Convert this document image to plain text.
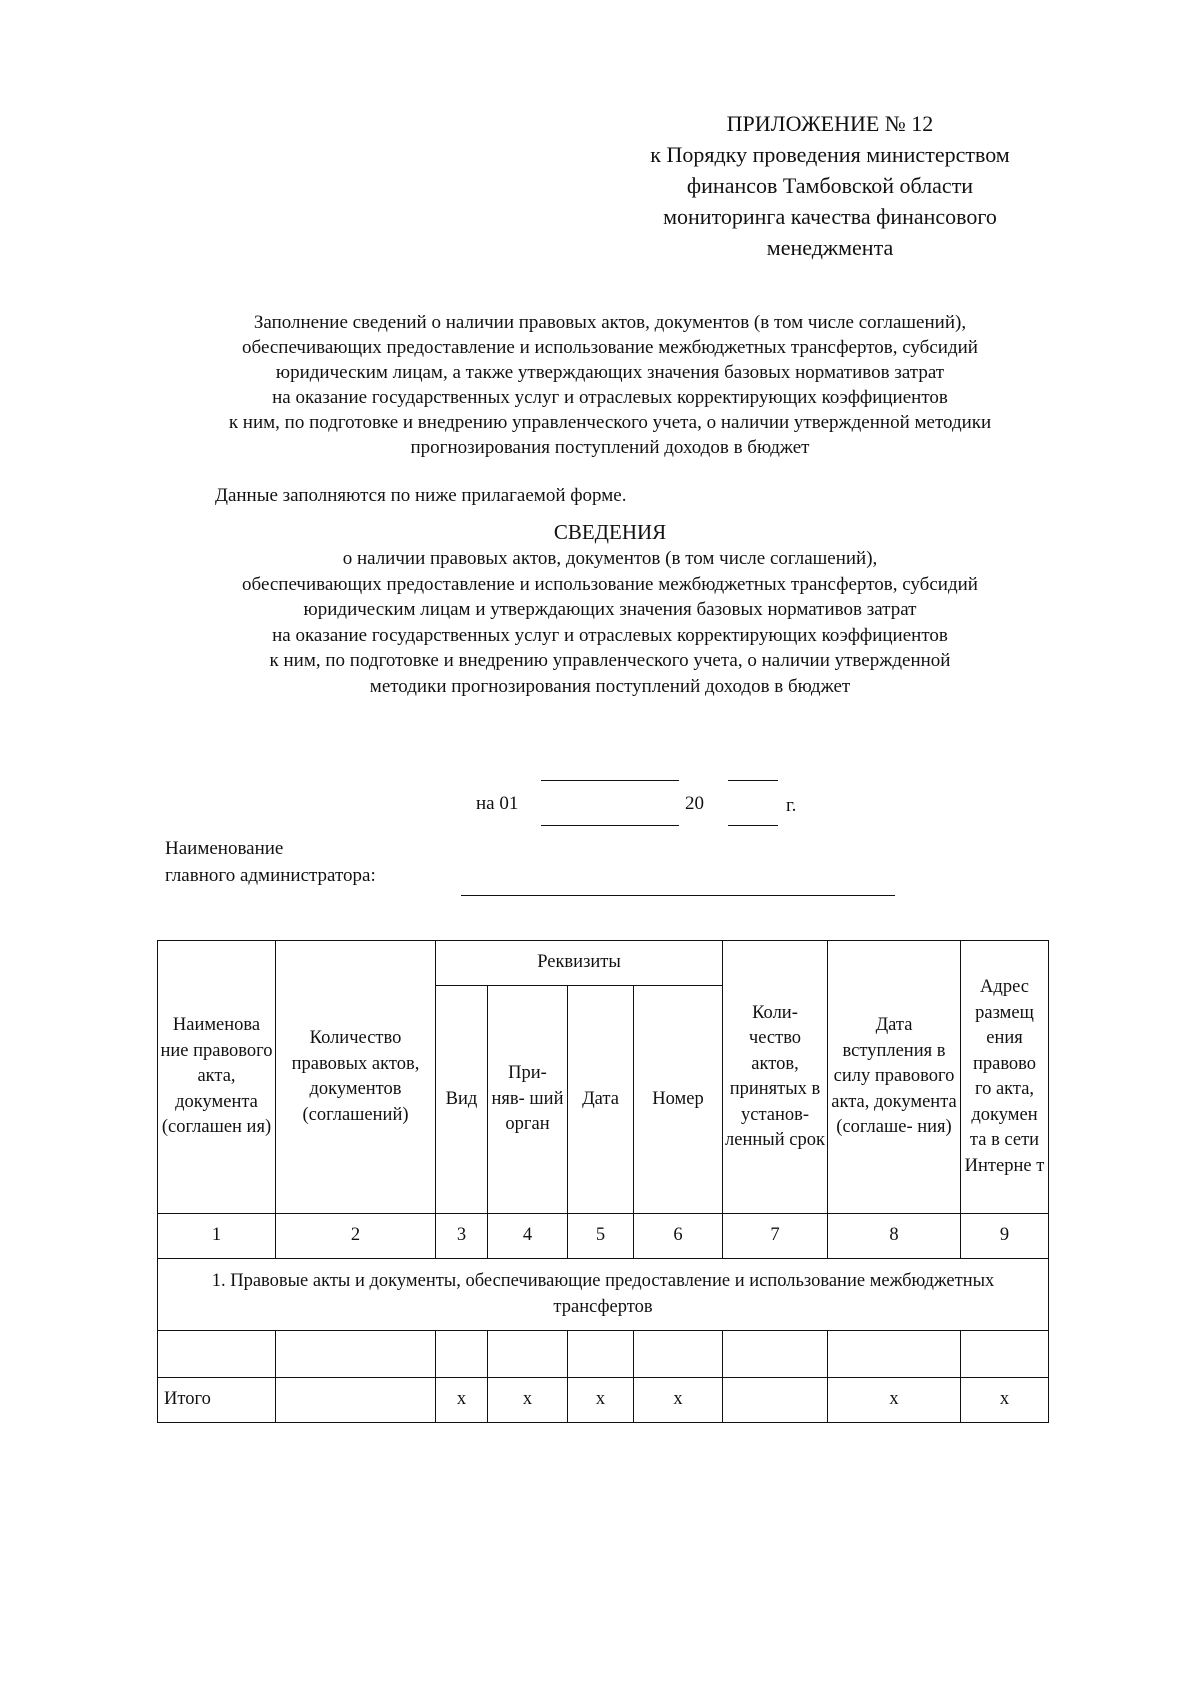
ПРИЛОЖЕНИЕ № 12
к Порядку проведения министерством
финансов Тамбовской области
мониторинга качества финансового
менеджмента
Заполнение сведений о наличии правовых актов, документов (в том числе соглашений),
обеспечивающих предоставление и использование межбюджетных трансфертов, субсидий
юридическим лицам, а также утверждающих значения базовых нормативов затрат
на оказание государственных услуг и отраслевых корректирующих коэффициентов
к ним, по подготовке и внедрению управленческого учета, о наличии утвержденной методики
прогнозирования поступлений доходов в бюджет
Данные заполняются по ниже прилагаемой форме.
СВЕДЕНИЯ
о наличии правовых актов, документов (в том числе соглашений),
обеспечивающих предоставление и использование межбюджетных трансфертов, субсидий
юридическим лицам и утверждающих значения базовых нормативов затрат
на оказание государственных услуг и отраслевых корректирующих коэффициентов
к ним, по подготовке и внедрению управленческого учета, о наличии утвержденной
методики прогнозирования поступлений доходов в бюджет
на 01	20	г.
Наименование
главного администратора:
Наименова ние правового акта, документа (соглашен ия)	Количество правовых актов, документов (соглашений)	Реквизиты				Коли- чество актов, принятых в установ- ленный срок	Дата вступления в силу правового акта, документа (соглаше- ния)	Адрес размещ ения правово го акта, докумен та в сети Интерне т
		Вид	При- няв- ший орган	Дата	Номер			
1	2	3	4	5	6	7	8	9
1. Правовые акты и документы, обеспечивающие предоставление и использование межбюджетных трансфертов								

Итого		x	x	x	x		x	x
